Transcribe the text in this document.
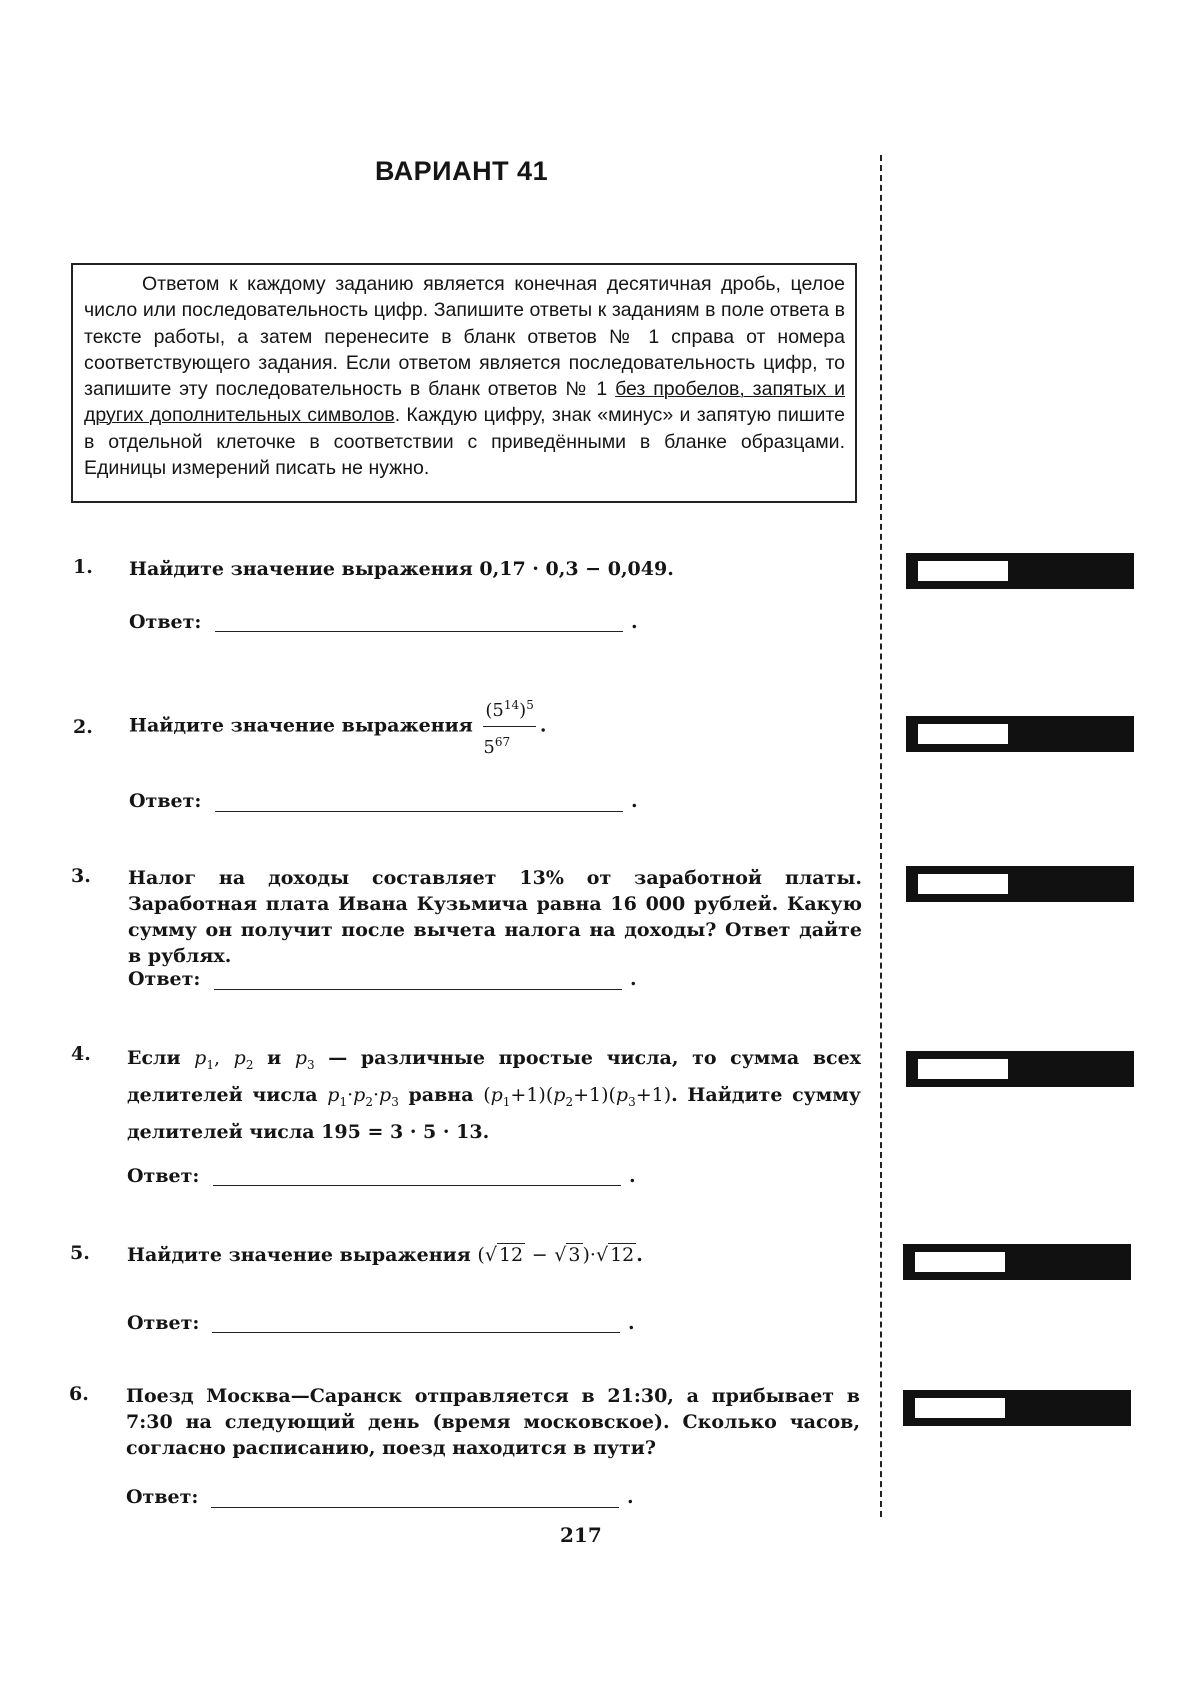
ВАРИАНТ 41
Ответом к каждому заданию является конечная десятичная дробь, целое число или последовательность цифр. Запишите ответы к заданиям в поле ответа в тексте работы, а затем перенесите в бланк ответов № 1 справа от номера соответствующего задания. Если ответом является последовательность цифр, то запишите эту последовательность в бланк ответов № 1 без пробелов, запятых и других дополнительных символов. Каждую цифру, знак «минус» и запятую пишите в отдельной клеточке в соответствии с приведёнными в бланке образцами. Единицы измерений писать не нужно.
1. Найдите значение выражения 0,17 · 0,3 − 0,049.
Ответ:	.
2. Найдите значение выражения $\frac{(5^{14})^5}{5^{67}}$ .
Ответ:	.
3. Налог на доходы составляет 13% от заработной платы. Заработная плата Ивана Кузьмича равна 16 000 рублей. Какую сумму он получит после вычета налога на доходы? Ответ дайте в рублях.
Ответ:	.
4. Если $p_1$, $p_2$ и $p_3$ — различные простые числа, то сумма всех делителей числа $p_1\cdot p_2\cdot p_3$ равна $(p_1+1)(p_2+1)(p_3+1)$. Найдите сумму делителей числа 195 = 3 · 5 · 13.
Ответ:	.
5. Найдите значение выражения (√ 12 − √ 3 )·√ 12 .
Ответ:	.
6. Поезд Москва—Саранск отправляется в 21:30, а прибывает в 7:30 на следующий день (время московское). Сколько часов, согласно расписанию, поезд находится в пути?
Ответ:	.
217
